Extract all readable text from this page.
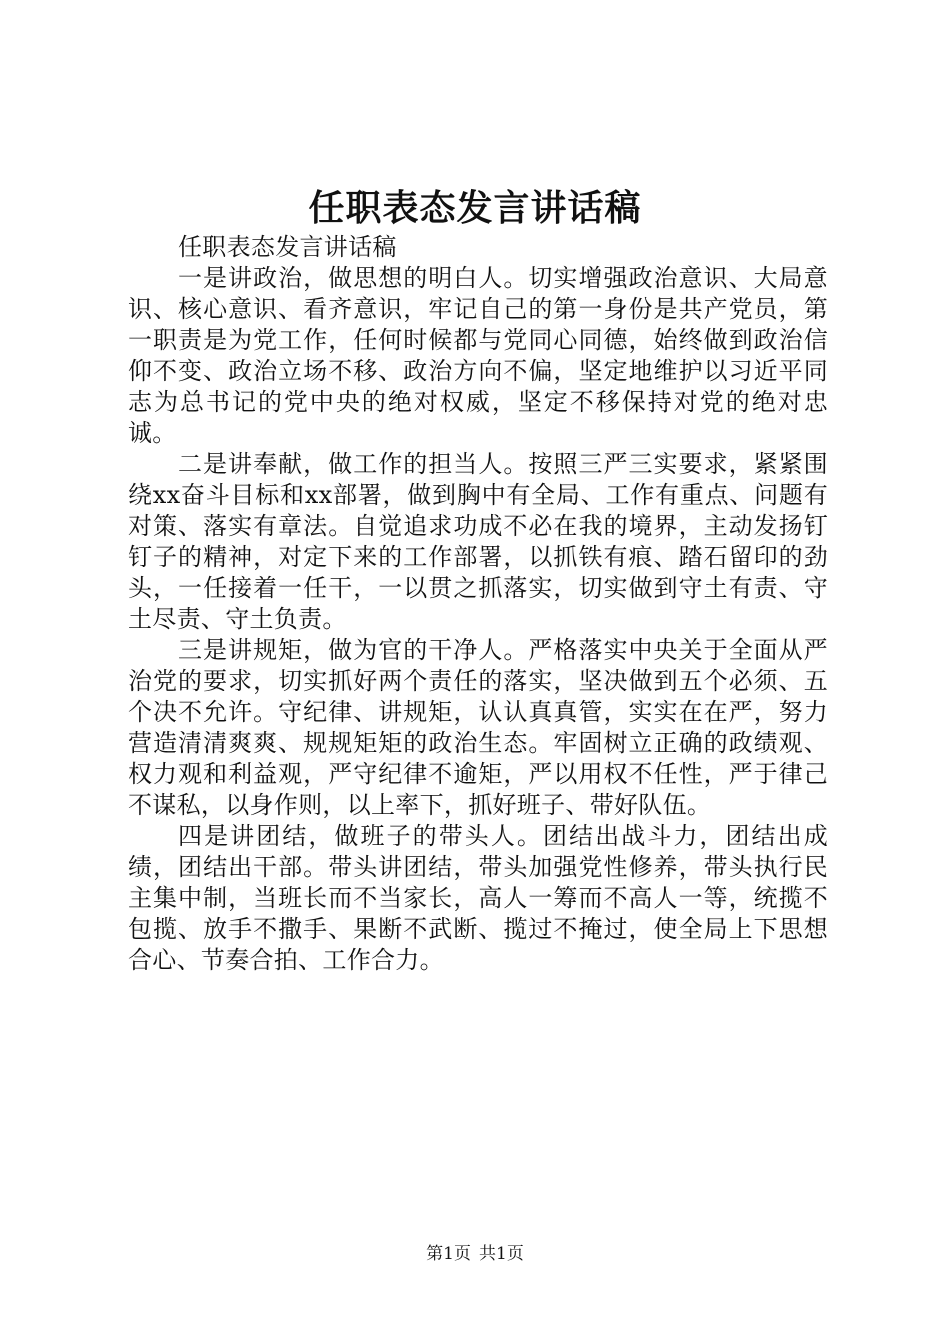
任职表态发言讲话稿

任职表态发言讲话稿

一是讲政治，做思想的明白人。切实增强政治意识、大局意识、核心意识、看齐意识，牢记自己的第一身份是共产党员，第一职责是为党工作，任何时候都与党同心同德，始终做到政治信仰不变、政治立场不移、政治方向不偏，坚定地维护以习近平同志为总书记的党中央的绝对权威，坚定不移保持对党的绝对忠诚。

二是讲奉献，做工作的担当人。按照三严三实要求，紧紧围绕xx奋斗目标和xx部署，做到胸中有全局、工作有重点、问题有对策、落实有章法。自觉追求功成不必在我的境界，主动发扬钉钉子的精神，对定下来的工作部署，以抓铁有痕、踏石留印的劲头，一任接着一任干，一以贯之抓落实，切实做到守土有责、守土尽责、守土负责。

三是讲规矩，做为官的干净人。严格落实中央关于全面从严治党的要求，切实抓好两个责任的落实，坚决做到五个必须、五个决不允许。守纪律、讲规矩，认认真真管，实实在在严，努力营造清清爽爽、规规矩矩的政治生态。牢固树立正确的政绩观、权力观和利益观，严守纪律不逾矩，严以用权不任性，严于律己不谋私，以身作则，以上率下，抓好班子、带好队伍。

四是讲团结，做班子的带头人。团结出战斗力，团结出成绩，团结出干部。带头讲团结，带头加强党性修养，带头执行民主集中制，当班长而不当家长，高人一筹而不高人一等，统揽不包揽、放手不撒手、果断不武断、揽过不掩过，使全局上下思想合心、节奏合拍、工作合力。

第1页 共1页
